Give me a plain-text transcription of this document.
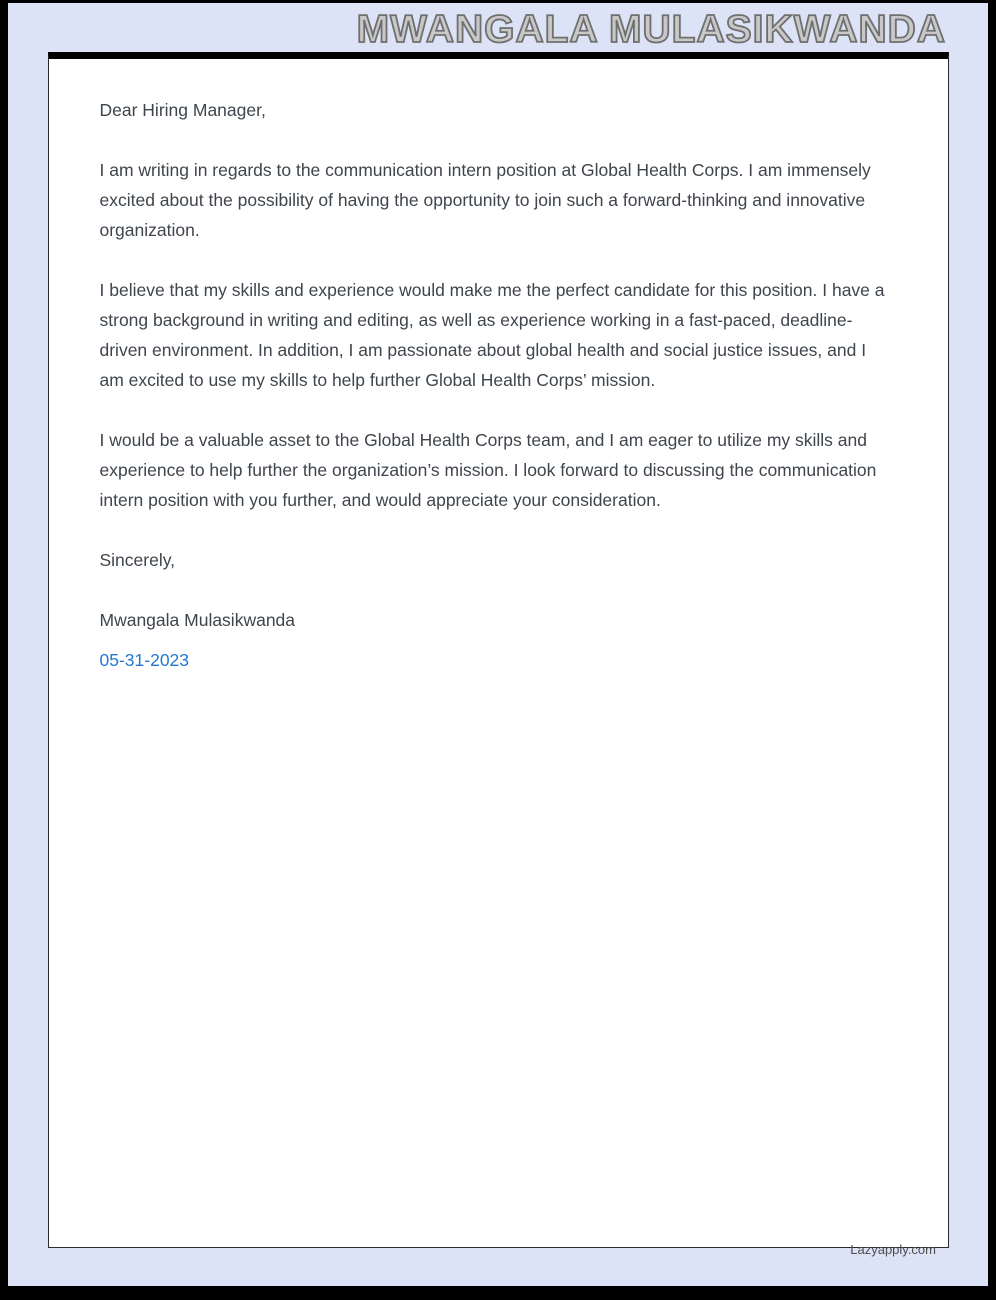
MWANGALA MULASIKWANDA

Dear Hiring Manager,

I am writing in regards to the communication intern position at Global Health Corps. I am immensely excited about the possibility of having the opportunity to join such a forward-thinking and innovative organization.

I believe that my skills and experience would make me the perfect candidate for this position. I have a strong background in writing and editing, as well as experience working in a fast-paced, deadline-driven environment. In addition, I am passionate about global health and social justice issues, and I am excited to use my skills to help further Global Health Corps’ mission.

I would be a valuable asset to the Global Health Corps team, and I am eager to utilize my skills and experience to help further the organization’s mission. I look forward to discussing the communication intern position with you further, and would appreciate your consideration.

Sincerely,

Mwangala Mulasikwanda

05-31-2023

Lazyapply.com
